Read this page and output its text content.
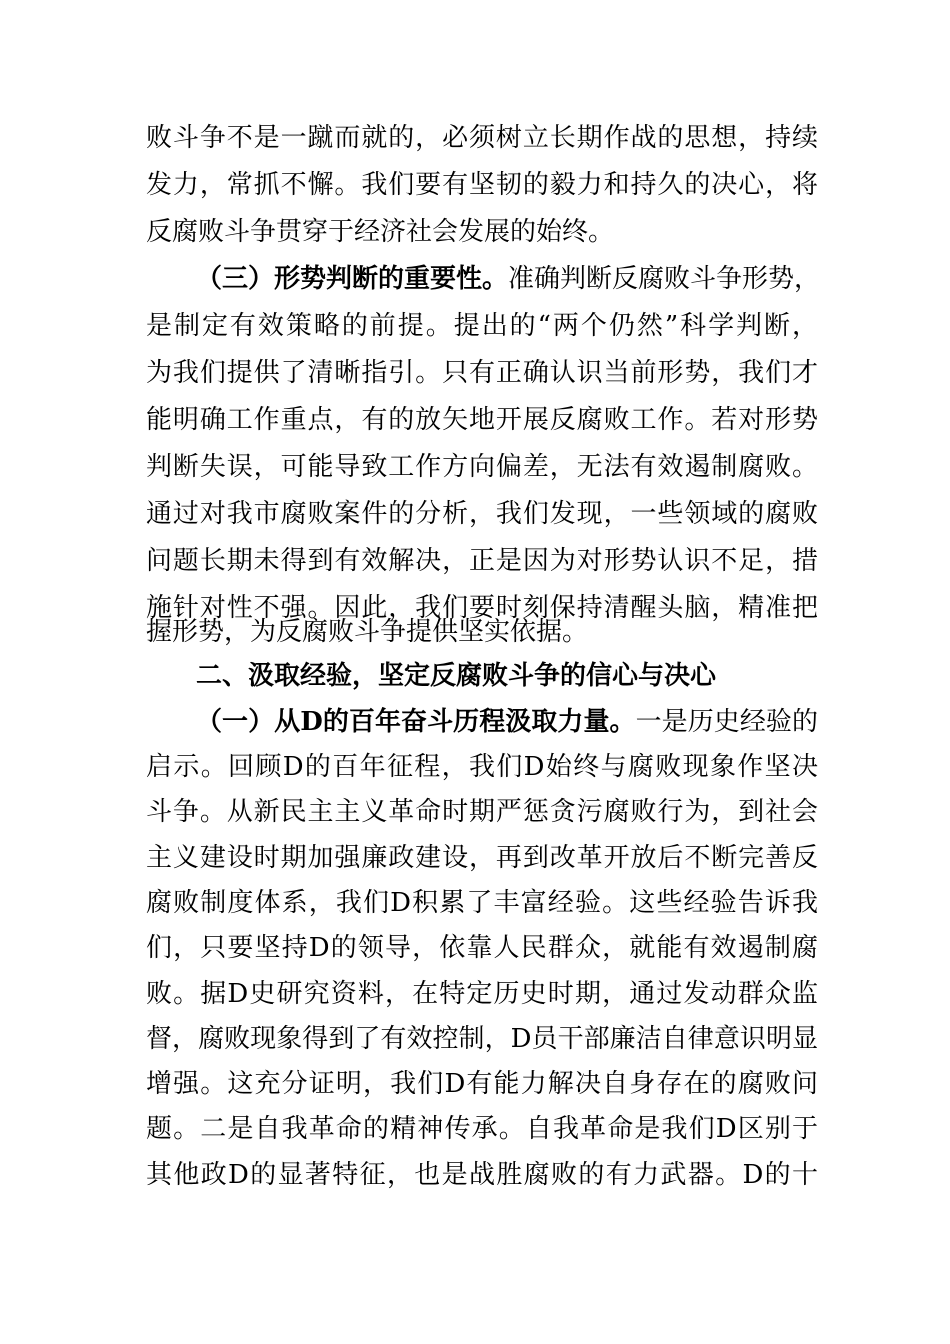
败斗争不是一蹴而就的，必须树立长期作战的思想，持续
发力，常抓不懈。我们要有坚韧的毅力和持久的决心，将
反腐败斗争贯穿于经济社会发展的始终。
（三）形势判断的重要性。准确判断反腐败斗争形势，
是制定有效策略的前提。提出的“两个仍然”科学判断，
为我们提供了清晰指引。只有正确认识当前形势，我们才
能明确工作重点，有的放矢地开展反腐败工作。若对形势
判断失误，可能导致工作方向偏差，无法有效遏制腐败。
通过对我市腐败案件的分析，我们发现，一些领域的腐败
问题长期未得到有效解决，正是因为对形势认识不足，措
施针对性不强。因此，我们要时刻保持清醒头脑，精准把
握形势，为反腐败斗争提供坚实依据。
二、汲取经验，坚定反腐败斗争的信心与决心
（一）从D的百年奋斗历程汲取力量。一是历史经验的
启示。回顾D的百年征程，我们D始终与腐败现象作坚决
斗争。从新民主主义革命时期严惩贪污腐败行为，到社会
主义建设时期加强廉政建设，再到改革开放后不断完善反
腐败制度体系，我们D积累了丰富经验。这些经验告诉我
们，只要坚持D的领导，依靠人民群众，就能有效遏制腐
败。据D史研究资料，在特定历史时期，通过发动群众监
督，腐败现象得到了有效控制，D员干部廉洁自律意识明显
增强。这充分证明，我们D有能力解决自身存在的腐败问
题。二是自我革命的精神传承。自我革命是我们D区别于
其他政D的显著特征，也是战胜腐败的有力武器。D的十
